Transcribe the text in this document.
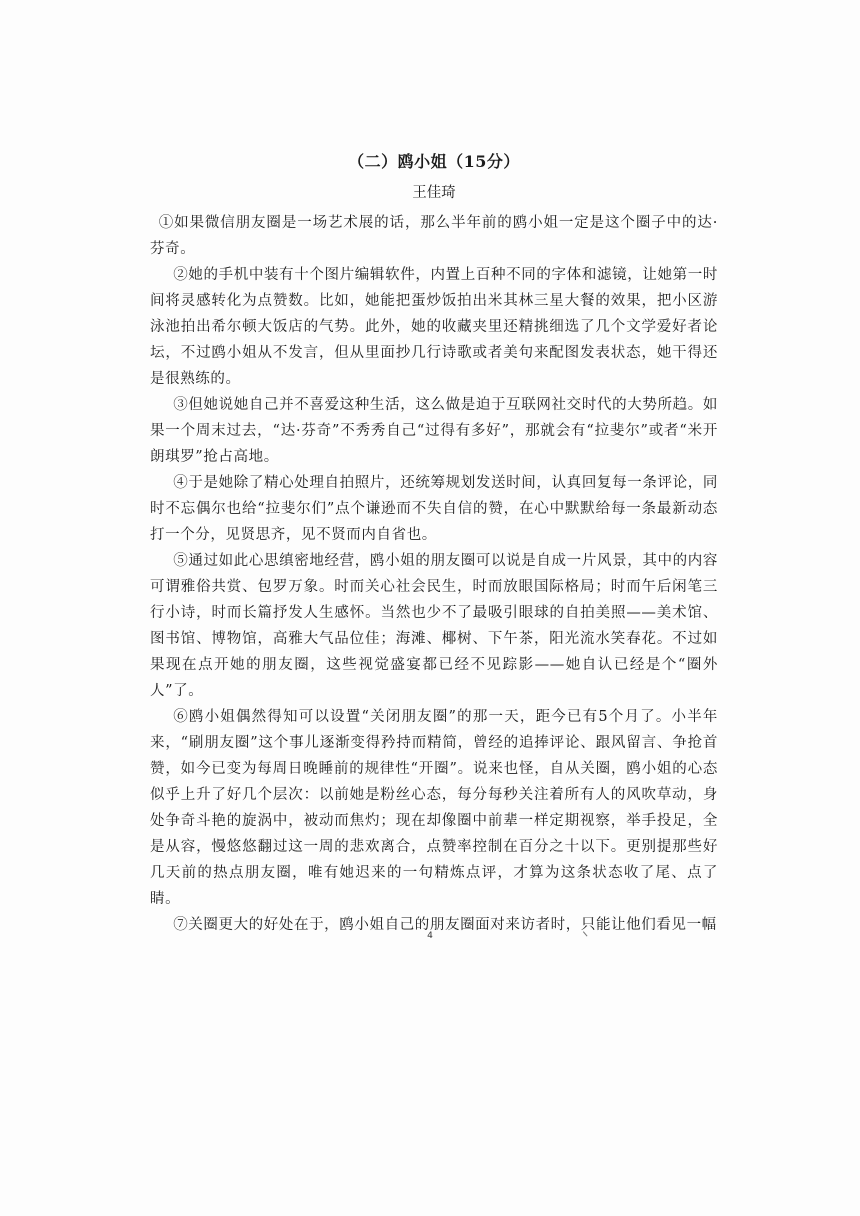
（二）鸥小姐（15分）

王佳琦

①如果微信朋友圈是一场艺术展的话，那么半年前的鸥小姐一定是这个圈子中的达·芬奇。

②她的手机中装有十个图片编辑软件，内置上百种不同的字体和滤镜，让她第一时间将灵感转化为点赞数。比如，她能把蛋炒饭拍出米其林三星大餐的效果，把小区游泳池拍出希尔顿大饭店的气势。此外，她的收藏夹里还精挑细选了几个文学爱好者论坛，不过鸥小姐从不发言，但从里面抄几行诗歌或者美句来配图发表状态，她干得还是很熟练的。

③但她说她自己并不喜爱这种生活，这么做是迫于互联网社交时代的大势所趋。如果一个周末过去，“达·芬奇”不秀秀自己“过得有多好”，那就会有“拉斐尔”或者“米开朗琪罗”抢占高地。

④于是她除了精心处理自拍照片，还统筹规划发送时间，认真回复每一条评论，同时不忘偶尔也给“拉斐尔们”点个谦逊而不失自信的赞，在心中默默给每一条最新动态打一个分，见贤思齐，见不贤而内自省也。

⑤通过如此心思缜密地经营，鸥小姐的朋友圈可以说是自成一片风景，其中的内容可谓雅俗共赏、包罗万象。时而关心社会民生，时而放眼国际格局；时而午后闲笔三行小诗，时而长篇抒发人生感怀。当然也少不了最吸引眼球的自拍美照——美术馆、图书馆、博物馆，高雅大气品位佳；海滩、椰树、下午茶，阳光流水笑春花。不过如果现在点开她的朋友圈，这些视觉盛宴都已经不见踪影——她自认已经是个“圈外人”了。

⑥鸥小姐偶然得知可以设置“关闭朋友圈”的那一天，距今已有5个月了。小半年来，“刷朋友圈”这个事儿逐渐变得矜持而精简，曾经的追捧评论、跟风留言、争抢首赞，如今已变为每周日晚睡前的规律性“开圈”。说来也怪，自从关圈，鸥小姐的心态似乎上升了好几个层次：以前她是粉丝心态，每分每秒关注着所有人的风吹草动，身处争奇斗艳的旋涡中，被动而焦灼；现在却像圈中前辈一样定期视察，举手投足，全是从容，慢悠悠翻过这一周的悲欢离合，点赞率控制在百分之十以下。更别提那些好几天前的热点朋友圈，唯有她迟来的一句精炼点评，才算为这条状态收了尾、点了睛。

⑦关圈更大的好处在于，鸥小姐自己的朋友圈面对来访者时，只能让他们看见一幅

4
